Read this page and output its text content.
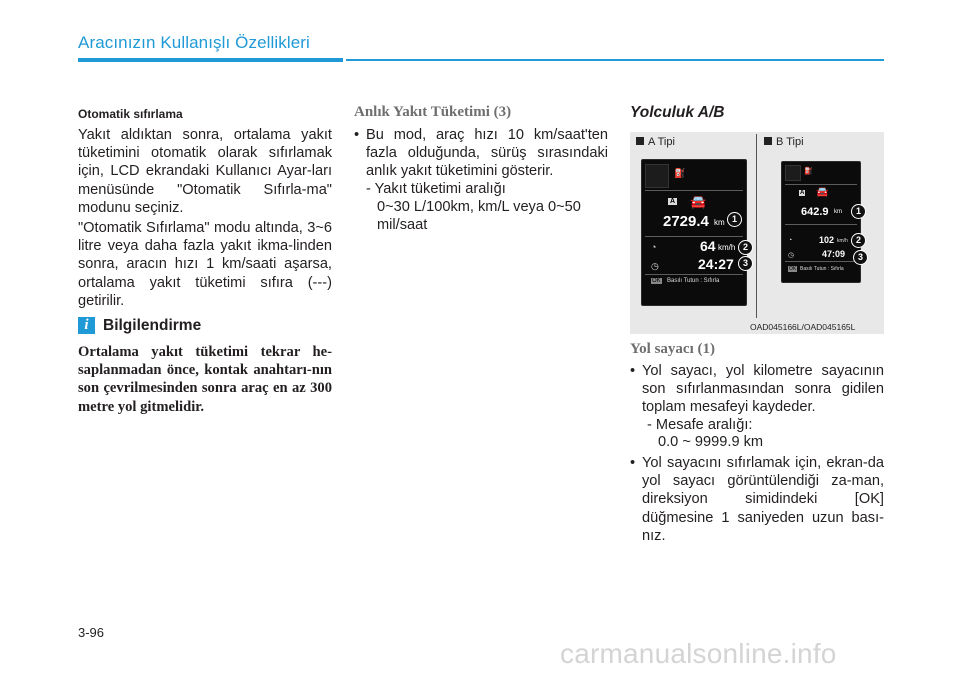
Aracınızın Kullanışlı Özellikleri
Otomatik sıfırlama

Yakıt aldıktan sonra, ortalama yakıt tüketimini otomatik olarak sıfırlamak için, LCD ekrandaki Kullanıcı Ayar-ları menüsünde "Otomatik Sıfırla-ma" modunu seçiniz.

"Otomatik Sıfırlama" modu altında, 3~6 litre veya daha fazla yakıt ikma-linden sonra, aracın hızı 1 km/saati aşarsa, ortalama yakıt tüketimi sıfıra (---) getirilir.

i Bilgilendirme

Ortalama yakıt tüketimi tekrar he-saplanmadan önce, kontak anahtarı-nın son çevrilmesinden sonra araç en az 300 metre yol gitmelidir.

Anlık Yakıt Tüketimi (3)
• Bu mod, araç hızı 10 km/saat'ten fazla olduğunda, sürüş sırasındaki anlık yakıt tüketimini gösterir.
- Yakıt tüketimi aralığı
0~30 L/100km, km/L veya 0~50 mil/saat
Yolculuk A/B
A Tipi	B Tipi
⛽
A 🚘
2729.4 km
◔	64 km/h
◷	24:27
OK Basılı Tutun : Sıfırla
1
2
3
⛽
A 🚘
642.9 km
◔	102 km/h
◷	47:09
OK Basılı Tutun : Sıfırla
1
2
3
OAD045166L/OAD045165L
Yol sayacı (1)
• Yol sayacı, yol kilometre sayacının son sıfırlanmasından sonra gidilen toplam mesafeyi kaydeder.
- Mesafe aralığı:
0.0 ~ 9999.9 km
• Yol sayacını sıfırlamak için, ekran-da yol sayacı görüntülendiği za-man, direksiyon simidindeki [OK] düğmesine 1 saniyeden uzun bası-nız.
3-96
carmanualsonline.info
